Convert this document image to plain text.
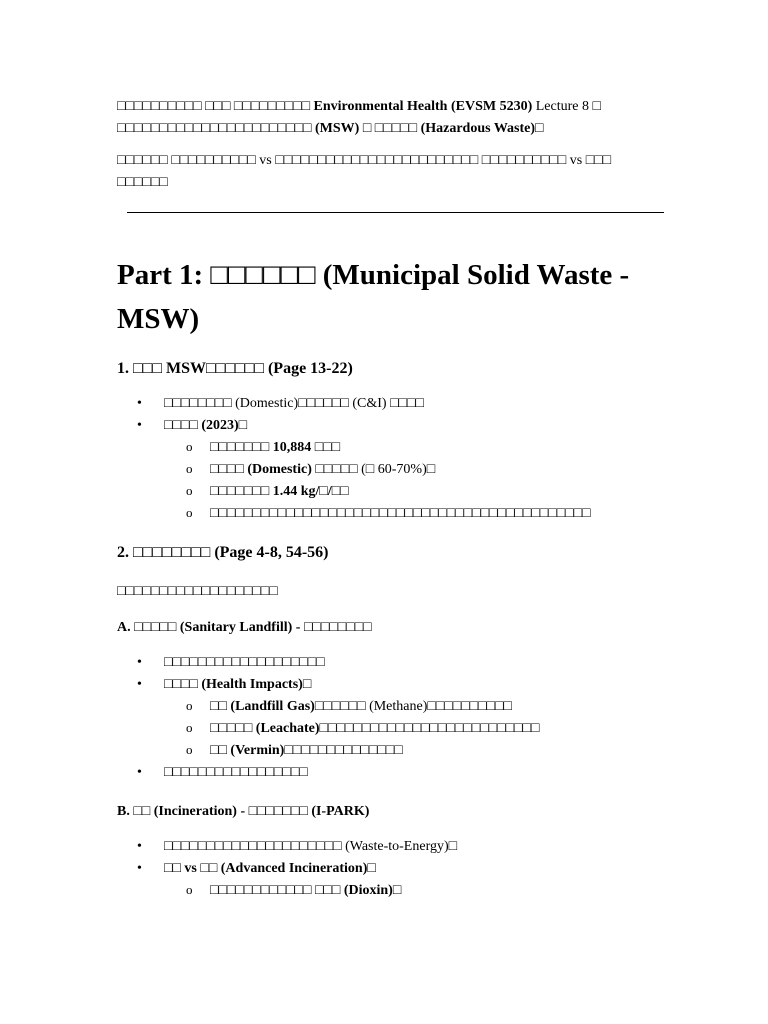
□□□□□□□□□□ □□□ □□□□□□□□□ Environmental Health (EVSM 5230) Lecture 8 □
□□□□□□□□□□□□□□□□□□□□□□□ (MSW) □ □□□□□ (Hazardous Waste)□

□□□□□□ □□□□□□□□□□ vs □□□□□□□□□□□□□□□□□□□□□□□□ □□□□□□□□□□ vs □□□
□□□□□□

Part 1: □□□□□□ (Municipal Solid Waste - MSW)
1. □□□ MSW□□□□□□ (Page 13-22)
• □□□□□□□□ (Domestic)□□□□□□ (C&I) □□□□
• □□□□ (2023)□
o □□□□□□□ 10,884 □□□
o □□□□ (Domestic) □□□□□ (□ 60-70%)□
o □□□□□□□ 1.44 kg/□/□□
o □□□□□□□□□□□□□□□□□□□□□□□□□□□□□□□□□□□□□□□□□□□□□
2. □□□□□□□□ (Page 4-8, 54-56)

□□□□□□□□□□□□□□□□□□□

A. □□□□□ (Sanitary Landfill) - □□□□□□□□
• □□□□□□□□□□□□□□□□□□□
• □□□□ (Health Impacts)□
o □□ (Landfill Gas)□□□□□□ (Methane)□□□□□□□□□□
o □□□□□ (Leachate)□□□□□□□□□□□□□□□□□□□□□□□□□□
o □□ (Vermin)□□□□□□□□□□□□□□
• □□□□□□□□□□□□□□□□□
B. □□ (Incineration) - □□□□□□□ (I-PARK)
• □□□□□□□□□□□□□□□□□□□□□ (Waste-to-Energy)□
• □□ vs □□ (Advanced Incineration)□
o □□□□□□□□□□□□ □□□ (Dioxin)□
